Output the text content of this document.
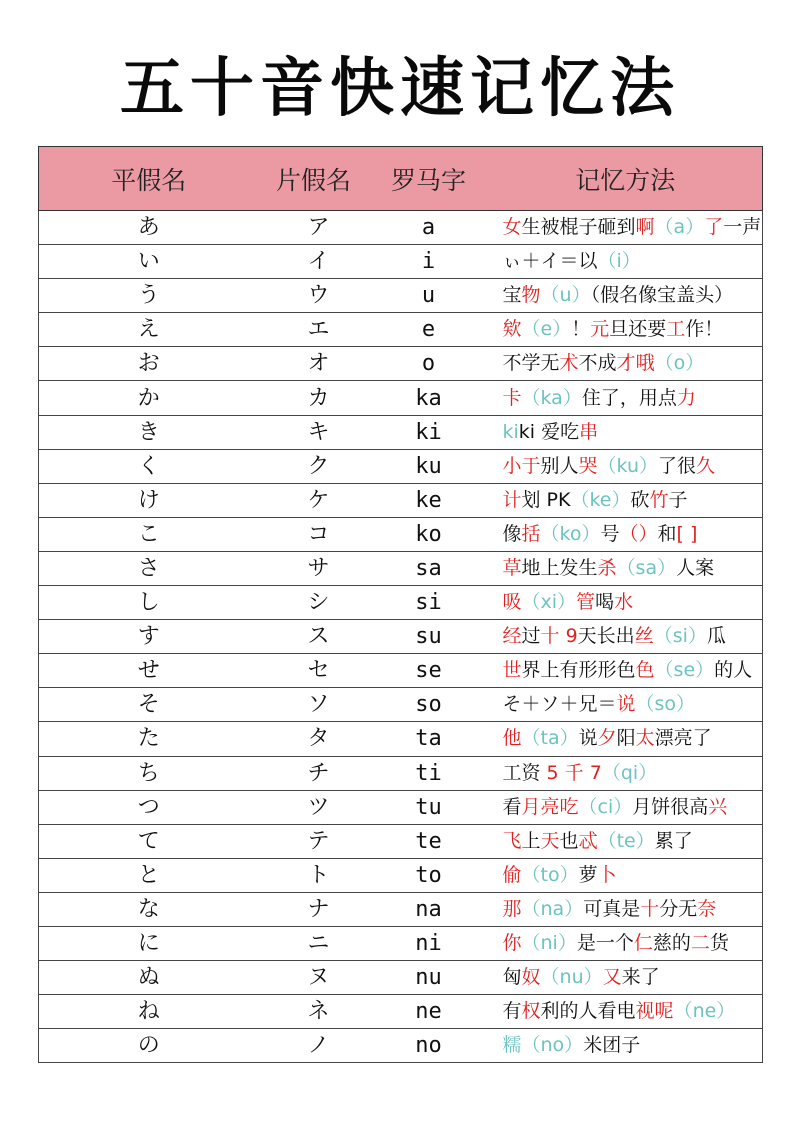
五十音快速记忆法
平假名	片假名	罗马字	记忆方法
あ	ア	a	女生被棍子砸到啊（a）了一声
い	イ	i	ぃ＋イ＝以（i）
う	ウ	u	宝物（u）（假名像宝盖头）
え	エ	e	欸（e）！元旦还要工作！
お	オ	o	不学无术不成才哦（o）
か	カ	ka	卡（ka）住了，用点力
き	キ	ki	kiki 爱吃串
く	ク	ku	小于别人哭（ku）了很久
け	ケ	ke	计划 PK（ke）砍竹子
こ	コ	ko	像括（ko）号（）和[ ]
さ	サ	sa	草地上发生杀（sa）人案
し	シ	si	吸（xi）管喝水
す	ス	su	经过十 9天长出丝（si）瓜
せ	セ	se	世界上有形形色色（se）的人
そ	ソ	so	そ＋ソ＋兄＝说（so）
た	タ	ta	他（ta）说夕阳太漂亮了
ち	チ	ti	工资 5 千 7（qi）
つ	ツ	tu	看月亮吃（ci）月饼很高兴
て	テ	te	飞上天也忒（te）累了
と	ト	to	偷（to）萝卜
な	ナ	na	那（na）可真是十分无奈
に	ニ	ni	你（ni）是一个仁慈的二货
ぬ	ヌ	nu	匈奴（nu）又来了
ね	ネ	ne	有权利的人看电视呢（ne）
の	ノ	no	糯（no）米团子
